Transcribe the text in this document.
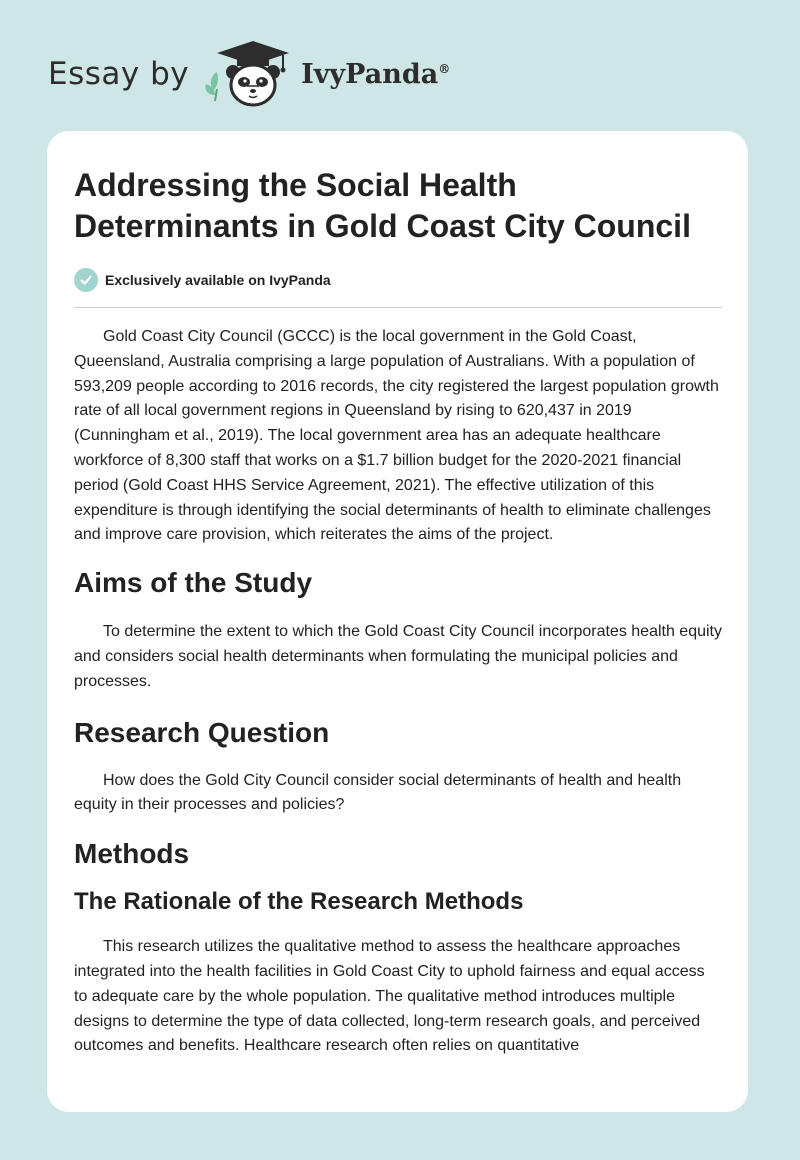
Essay by	IvyPanda®
Addressing the Social Health Determinants in Gold Coast City Council
Exclusively available on IvyPanda

Gold Coast City Council (GCCC) is the local government in the Gold Coast, Queensland, Australia comprising a large population of Australians. With a population of 593,209 people according to 2016 records, the city registered the largest population growth rate of all local government regions in Queensland by rising to 620,437 in 2019 (Cunningham et al., 2019). The local government area has an adequate healthcare workforce of 8,300 staff that works on a $1.7 billion budget for the 2020-2021 financial period (Gold Coast HHS Service Agreement, 2021). The effective utilization of this expenditure is through identifying the social determinants of health to eliminate challenges and improve care provision, which reiterates the aims of the project.

Aims of the Study

To determine the extent to which the Gold Coast City Council incorporates health equity and considers social health determinants when formulating the municipal policies and processes.

Research Question

How does the Gold City Council consider social determinants of health and health equity in their processes and policies?

Methods
The Rationale of the Research Methods

This research utilizes the qualitative method to assess the healthcare approaches integrated into the health facilities in Gold Coast City to uphold fairness and equal access to adequate care by the whole population. The qualitative method introduces multiple designs to determine the type of data collected, long-term research goals, and perceived outcomes and benefits. Healthcare research often relies on quantitative
